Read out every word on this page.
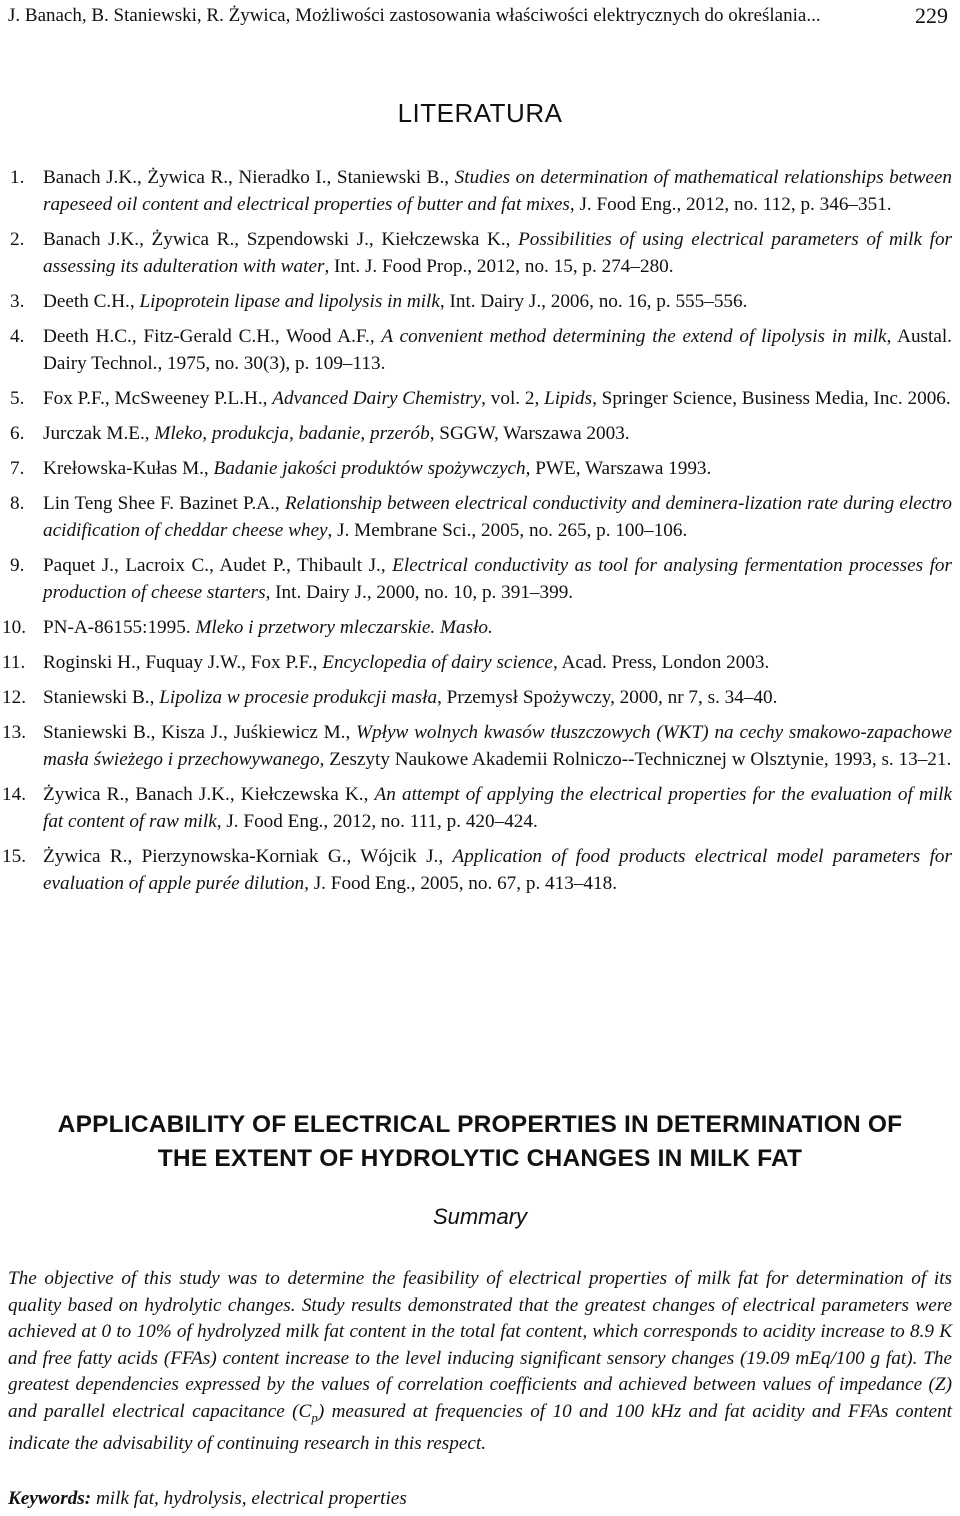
J. Banach, B. Staniewski, R. Żywica, Możliwości zastosowania właściwości elektrycznych do określania...	229
LITERATURA
1. Banach J.K., Żywica R., Nieradko I., Staniewski B., Studies on determination of mathematical relationships between rapeseed oil content and electrical properties of butter and fat mixes, J. Food Eng., 2012, no. 112, p. 346–351.
2. Banach J.K., Żywica R., Szpendowski J., Kiełczewska K., Possibilities of using electrical parameters of milk for assessing its adulteration with water, Int. J. Food Prop., 2012, no. 15, p. 274–280.
3. Deeth C.H., Lipoprotein lipase and lipolysis in milk, Int. Dairy J., 2006, no. 16, p. 555–556.
4. Deeth H.C., Fitz-Gerald C.H., Wood A.F., A convenient method determining the extend of lipolysis in milk, Austal. Dairy Technol., 1975, no. 30(3), p. 109–113.
5. Fox P.F., McSweeney P.L.H., Advanced Dairy Chemistry, vol. 2, Lipids, Springer Science, Business Media, Inc. 2006.
6. Jurczak M.E., Mleko, produkcja, badanie, przerób, SGGW, Warszawa 2003.
7. Krełowska-Kułas M., Badanie jakości produktów spożywczych, PWE, Warszawa 1993.
8. Lin Teng Shee F. Bazinet P.A., Relationship between electrical conductivity and deminera-lization rate during electro acidification of cheddar cheese whey, J. Membrane Sci., 2005, no. 265, p. 100–106.
9. Paquet J., Lacroix C., Audet P., Thibault J., Electrical conductivity as tool for analysing fermentation processes for production of cheese starters, Int. Dairy J., 2000, no. 10, p. 391–399.
10. PN-A-86155:1995. Mleko i przetwory mleczarskie. Masło.
11. Roginski H., Fuquay J.W., Fox P.F., Encyclopedia of dairy science, Acad. Press, London 2003.
12. Staniewski B., Lipoliza w procesie produkcji masła, Przemysł Spożywczy, 2000, nr 7, s. 34–40.
13. Staniewski B., Kisza J., Juśkiewicz M., Wpływ wolnych kwasów tłuszczowych (WKT) na cechy smakowo-zapachowe masła świeżego i przechowywanego, Zeszyty Naukowe Akademii Rolniczo--Technicznej w Olsztynie, 1993, s. 13–21.
14. Żywica R., Banach J.K., Kiełczewska K., An attempt of applying the electrical properties for the evaluation of milk fat content of raw milk, J. Food Eng., 2012, no. 111, p. 420–424.
15. Żywica R., Pierzynowska-Korniak G., Wójcik J., Application of food products electrical model parameters for evaluation of apple purée dilution, J. Food Eng., 2005, no. 67, p. 413–418.
APPLICABILITY OF ELECTRICAL PROPERTIES IN DETERMINATION OF
THE EXTENT OF HYDROLYTIC CHANGES IN MILK FAT
Summary

The objective of this study was to determine the feasibility of electrical properties of milk fat for determination of its quality based on hydrolytic changes. Study results demonstrated that the greatest changes of electrical parameters were achieved at 0 to 10% of hydrolyzed milk fat content in the total fat content, which corresponds to acidity increase to 8.9 K and free fatty acids (FFAs) content increase to the level inducing significant sensory changes (19.09 mEq/100 g fat). The greatest dependencies expressed by the values of correlation coefficients and achieved between values of impedance (Z) and parallel electrical capacitance $(C_p)$ measured at frequencies of 10 and 100 kHz and fat acidity and FFAs content indicate the advisability of continuing research in this respect.

Keywords: milk fat, hydrolysis, electrical properties
